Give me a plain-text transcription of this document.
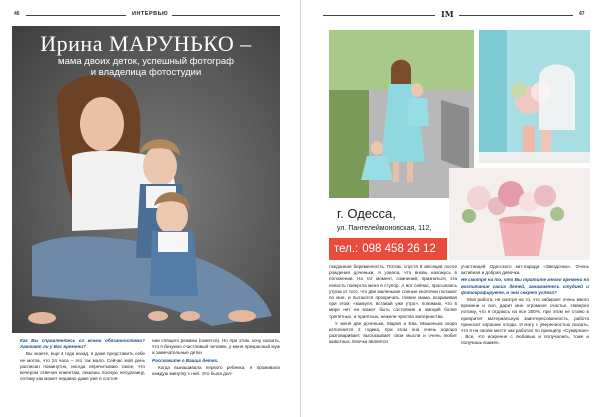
46	ИНТЕРВЬЮ
Ирина МАРУНЬКО –
мама двоих деток, успешный фотограф
и владелица фотостудии

Как Вы справляетесь со всеми обязанностями? Хватает ли у Вас времени?

Вы знаете, еще 4 года назад, я даже представить себе не могла, что 24 часа – это так мало. Сейчас мой день расписан поминутно, иногда перечитываю такое, что вечером отвечая клиентам, пишешь полную несуразицу, потому как может недавно даже уже в состоя-

нии спящего режима (смеется). Но при этом, хочу сказать, что я безумно счастливый человек, у меня прекрасный муж и замечательные детки.

Расскажите о Ваших детях.

Когда вынашивала первого ребенка, я проживала каждую минутку с ней. Это была дол-

IM	47
г. Одесса,
ул. Пантелеймоновская, 112,
тел.: 098 458 26 12

гожданная беременность. Потом, спустя 8 месяцев после рождения доченьки, я узнала, что вновь нахожусь в положении. На тот момент, сомнений, признаться, эта новость повергла меня в ступор. А вот сейчас, просыпаясь утром от того, что две маленькие сонные кнопочки ползают по мне, и пытаются прокричать главне мама, вскрикивая при этом: «мамуля, вставай уже утро», понимаю, что в мире нет ни может быть состояния и эмоций более трепетных, и приятных, нежели чувство материнства.

У меня две доченьки, Мария и Ева. Машенька скоро исполнится 2 годика, при этом она очень хорошо разговаривает, высказывает свои мысли и очень любит животных. Евочка является

участницей Одесского кит-парада «Звездочка». Очень активная и добрая девочка.

Не смотря на то, что Вы тратите много времени на воспитание своих детей, занимаетесь студией и фотографируете, в чем секрет успеха?

Моя работа, не смотря на то, что забирает очень много времени и сил, дарит мне огромное счастье. Наверно потому, что я отдаюсь на все 200%, при этом не стаяю в приоритет материальную заинтересованность, работа приносит хорошие плоды. И могу с уверенностью сказать, что я на своем месте как работал по принципу «Сумерная» . Все, что искренне с любовью и получались, тоже и получишь взамен.
